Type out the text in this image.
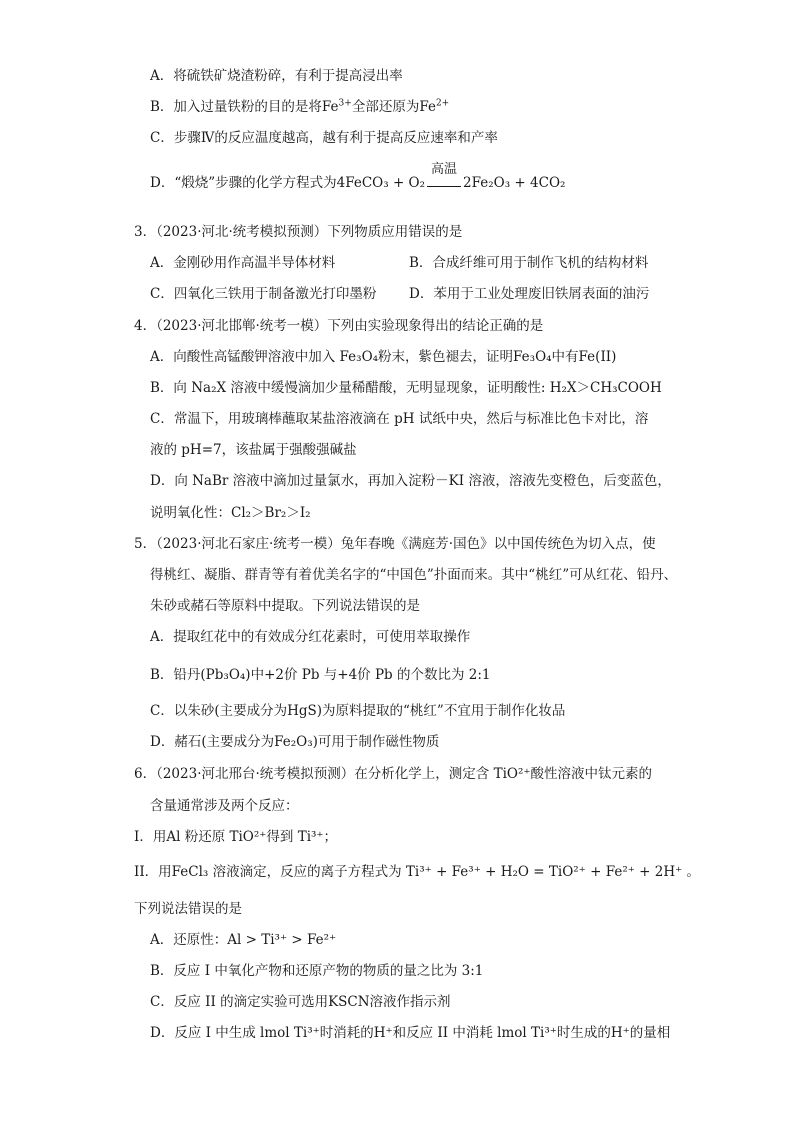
A．将硫铁矿烧渣粉碎，有利于提高浸出率
B．加入过量铁粉的目的是将$Fe^{3+}$全部还原为$Fe^{2+}$
C．步骤Ⅳ的反应温度越高，越有利于提高反应速率和产率
D．“煅烧”步骤的化学方程式为4FeCO₃ + O₂
高温
2Fe₂O₃ + 4CO₂
3．（2023·河北·统考模拟预测）下列物质应用错误的是
A．金刚砂用作高温半导体材料	B．合成纤维可用于制作飞机的结构材料
C．四氧化三铁用于制备激光打印墨粉 D．苯用于工业处理废旧铁屑表面的油污
4．（2023·河北邯郸·统考一模）下列由实验现象得出的结论正确的是
A．向酸性高锰酸钾溶液中加入 Fe₃O₄粉末，紫色褪去，证明Fe₃O₄中有Fe(II)
B．向 Na₂X 溶液中缓慢滴加少量稀醋酸，无明显现象，证明酸性: H₂X＞CH₃COOH
C．常温下，用玻璃棒蘸取某盐溶液滴在 pH 试纸中央，然后与标准比色卡对比，溶
液的 pH=7，该盐属于强酸强碱盐
D．向 NaBr 溶液中滴加过量氯水，再加入淀粉－KI 溶液，溶液先变橙色，后变蓝色，
说明氧化性：Cl₂＞Br₂＞I₂
5．（2023·河北石家庄·统考一模）兔年春晚《满庭芳·国色》以中国传统色为切入点，使
得桃红、凝脂、群青等有着优美名字的“中国色”扑面而来。其中“桃红”可从红花、铅丹、
朱砂或赭石等原料中提取。下列说法错误的是
A．提取红花中的有效成分红花素时，可使用萃取操作
B．铅丹(Pb₃O₄)中+2价 Pb 与+4价 Pb 的个数比为 2:1
C．以朱砂(主要成分为HgS)为原料提取的“桃红”不宜用于制作化妆品
D．赭石(主要成分为Fe₂O₃)可用于制作磁性物质
6．（2023·河北邢台·统考模拟预测）在分析化学上，测定含 TiO²⁺酸性溶液中钛元素的
含量通常涉及两个反应：
I．用Al 粉还原 TiO²⁺得到 Ti³⁺；
II．用FeCl₃ 溶液滴定，反应的离子方程式为 Ti³⁺ + Fe³⁺ + H₂O = TiO²⁺ + Fe²⁺ + 2H⁺ 。
下列说法错误的是
A．还原性：Al > Ti³⁺ > Fe²⁺
B．反应 I 中氧化产物和还原产物的物质的量之比为 3:1
C．反应 II 的滴定实验可选用KSCN溶液作指示剂
D．反应 I 中生成 lmol Ti³⁺时消耗的H⁺和反应 II 中消耗 lmol Ti³⁺时生成的H⁺的量相
